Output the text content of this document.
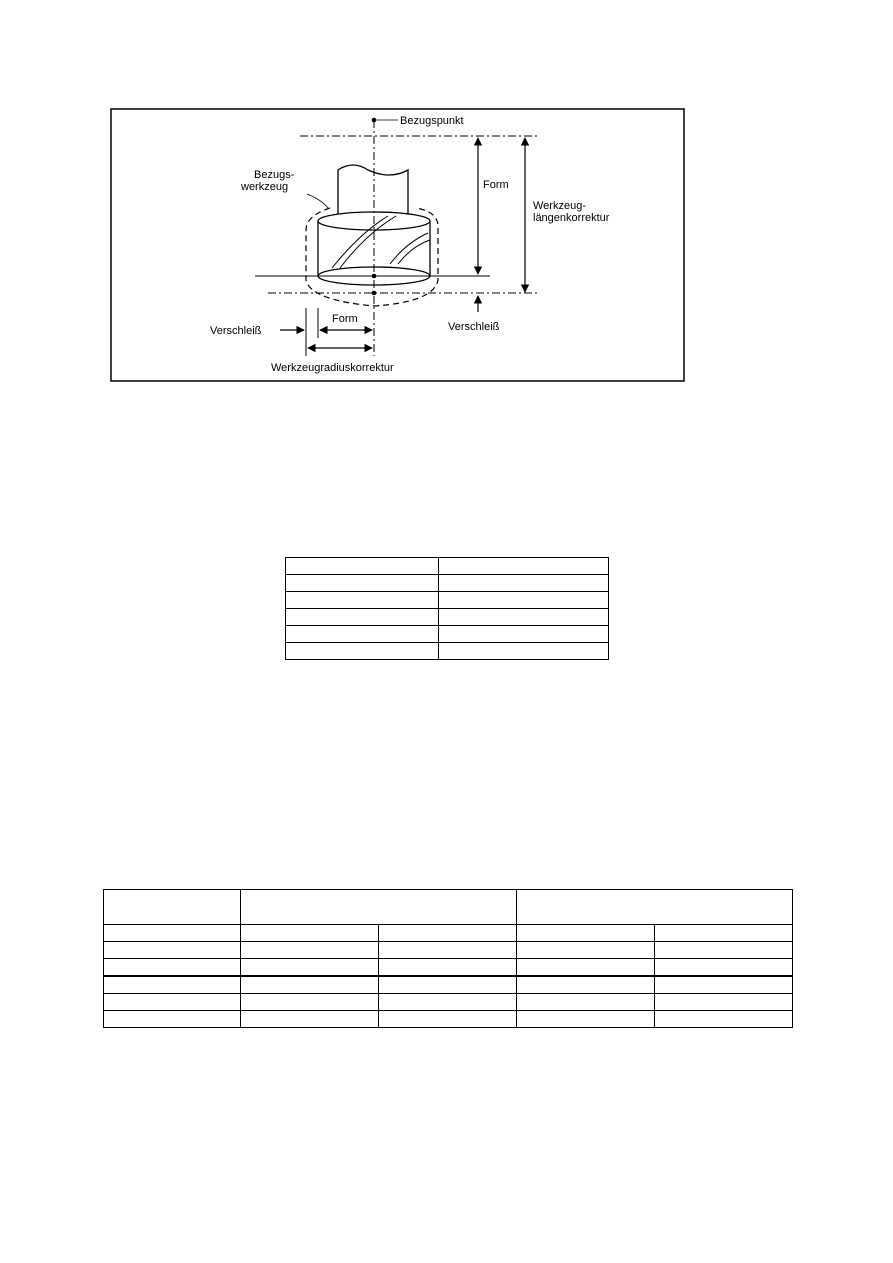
Bezugspunkt
Bezugs-
werkzeug	Form
Werkzeug-
längenkorrektur
Verschleiß
Verschleiß
Form
Werkzeugradiuskorrektur
